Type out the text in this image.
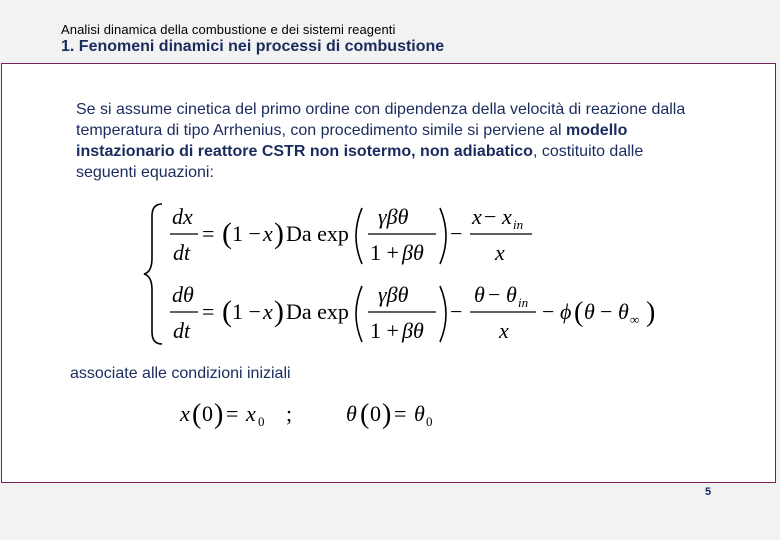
Analisi dinamica della combustione e dei sistemi reagenti
1. Fenomeni dinamici nei processi di combustione
Se si assume cinetica del primo ordine con dipendenza della velocità di reazione dalla temperatura di tipo Arrhenius, con procedimento simile si perviene al modello instazionario di reattore CSTR non isotermo, non adiabatico, costituito dalle seguenti equazioni:
dx
dt
= ( 1 − x ) Da exp
γβθ
1 + βθ
−
x − x in
x
dθ
dt
= ( 1 − x ) Da exp
γβθ
1 + βθ
−
θ − θ in
x
− ϕ ( θ − θ ∞ )
associate alle condizioni iniziali
x ( 0 ) = x 0 ; θ ( 0 ) = θ 0
5
